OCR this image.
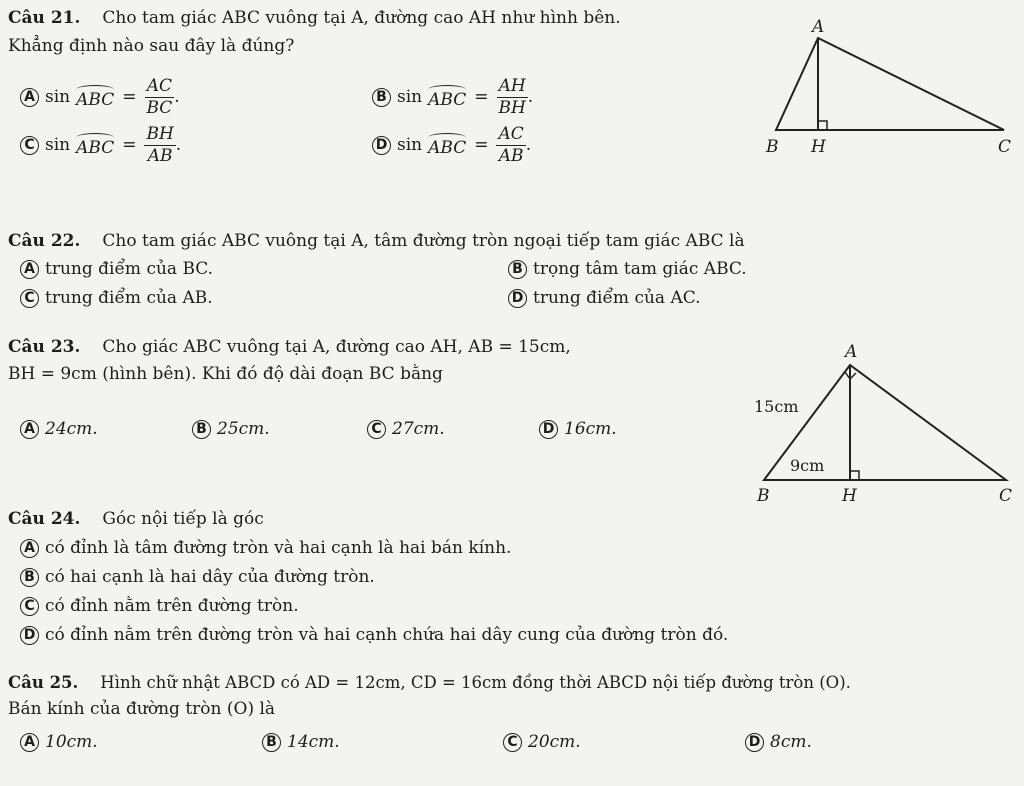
Câu 21. Cho tam giác ABC vuông tại A, đường cao AH như hình bên.
Khẳng định nào sau đây là đúng?
A sin ABC = $\frac{AC}{BC}$ .	B sin ABC = $\frac{AH}{BH}$ .
C sin ABC = $\frac{BH}{AB}$ .	D sin ABC = $\frac{AC}{AB}$ .
A
B H	C
Câu 22. Cho tam giác ABC vuông tại A, tâm đường tròn ngoại tiếp tam giác ABC là
A trung điểm của BC.	B trọng tâm tam giác ABC.
C trung điểm của AB.	D trung điểm của AC.
Câu 23. Cho giác ABC vuông tại A, đường cao AH, AB = 15cm,
BH = 9cm (hình bên). Khi đó độ dài đoạn BC bằng
A 24cm.	B 25cm.	C 27cm.	D 16cm.
A
B	H	C
15cm
9cm
Câu 24. Góc nội tiếp là góc
A có đỉnh là tâm đường tròn và hai cạnh là hai bán kính.
B có hai cạnh là hai dây của đường tròn.
C có đỉnh nằm trên đường tròn.
D có đỉnh nằm trên đường tròn và hai cạnh chứa hai dây cung của đường tròn đó.
Câu 25. Hình chữ nhật ABCD có AD = 12cm, CD = 16cm đồng thời ABCD nội tiếp đường tròn (O).
Bán kính của đường tròn (O) là
A 10cm.	B 14cm.	C 20cm.	D 8cm.
